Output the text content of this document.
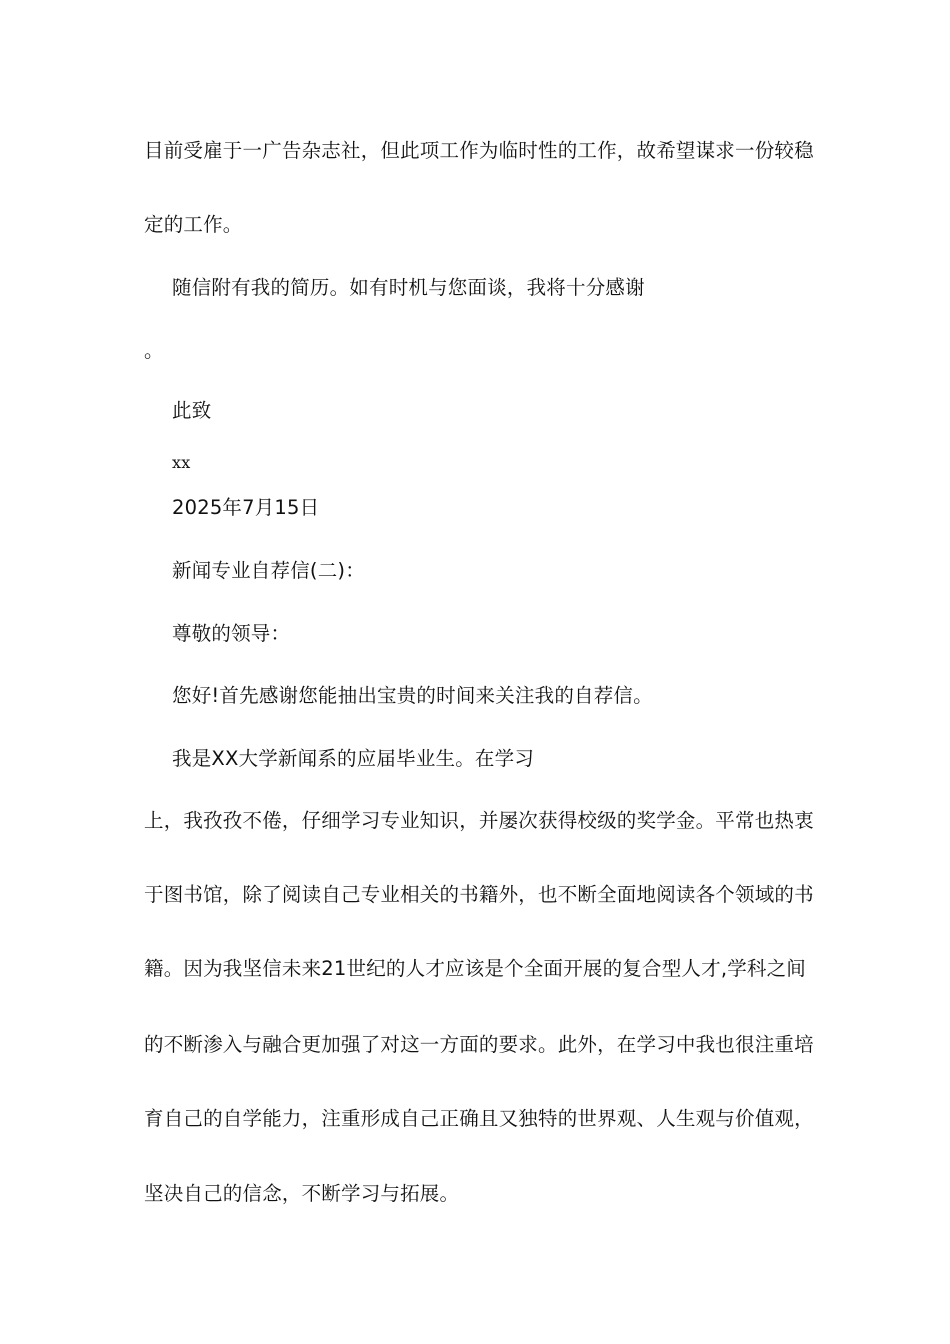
目前受雇于一广告杂志社，但此项工作为临时性的工作，故希望谋求一份较稳
定的工作。
随信附有我的简历。如有时机与您面谈，我将十分感谢
。
此致
xx
2025年7月15日
新闻专业自荐信(二)：
尊敬的领导：
您好!首先感谢您能抽出宝贵的时间来关注我的自荐信。
我是XX大学新闻系的应届毕业生。在学习
上，我孜孜不倦，仔细学习专业知识，并屡次获得校级的奖学金。平常也热衷
于图书馆，除了阅读自己专业相关的书籍外，也不断全面地阅读各个领域的书
籍。因为我坚信未来21世纪的人才应该是个全面开展的复合型人才,学科之间
的不断渗入与融合更加强了对这一方面的要求。此外，在学习中我也很注重培
育自己的自学能力，注重形成自己正确且又独特的世界观、人生观与价值观，
坚决自己的信念，不断学习与拓展。
